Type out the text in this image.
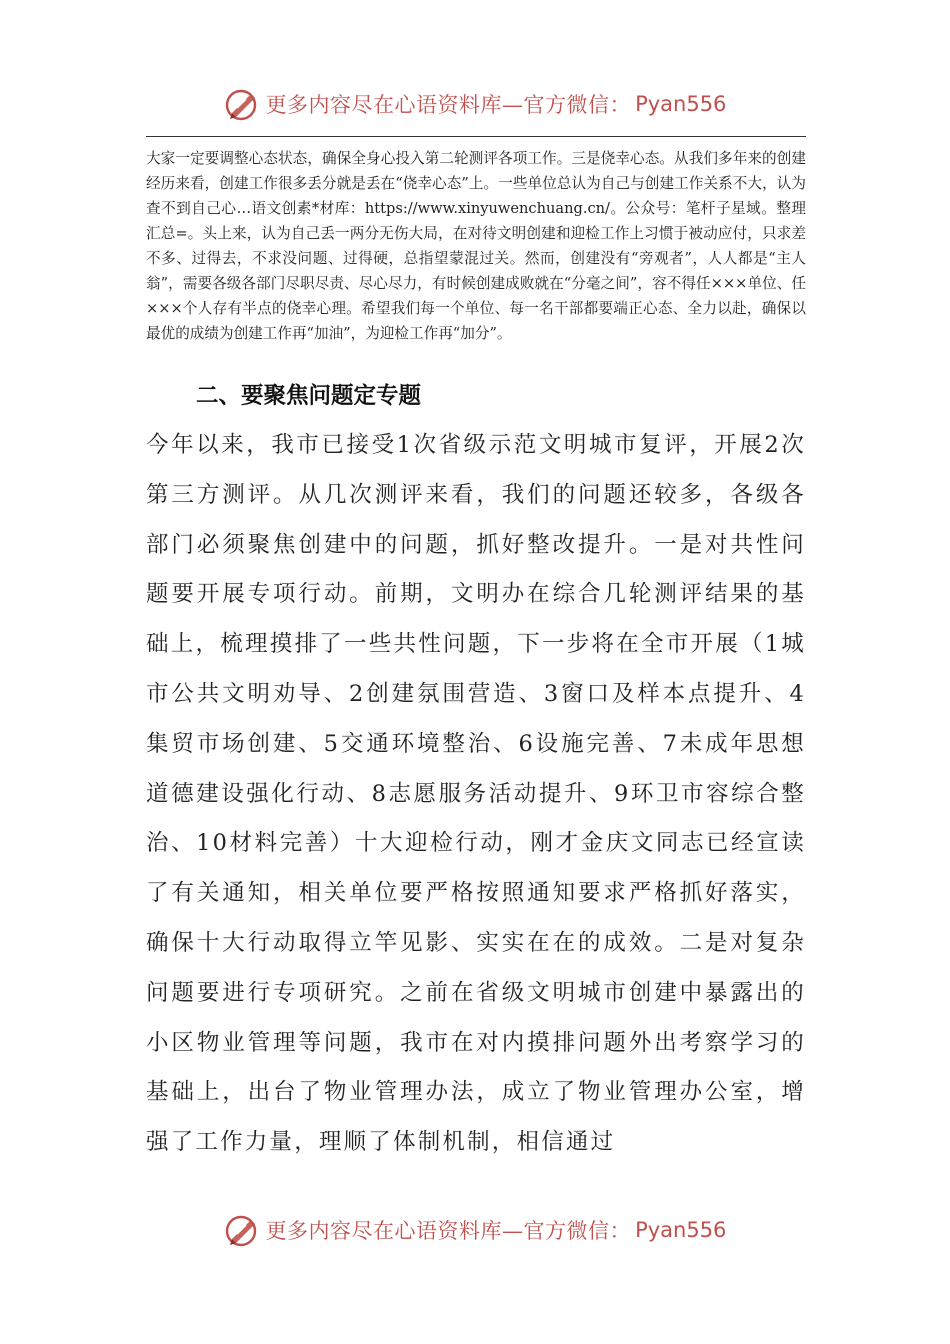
更多内容尽在心语资料库—官方微信： Pyan556
大家一定要调整心态状态，确保全身心投入第二轮测评各项工作。三是侥幸心态。从我们多年来的创建经历来看，创建工作很多丢分就是丢在“侥幸心态”上。一些单位总认为自己与创建工作关系不大，认为查不到自己心…语文创素*材库：https://www.xinyuwenchuang.cn/。公众号：笔杆子星域。整理汇总=。头上来，认为自己丢一两分无伤大局，在对待文明创建和迎检工作上习惯于被动应付，只求差不多、过得去，不求没问题、过得硬，总指望蒙混过关。然而，创建没有“旁观者”，人人都是“主人翁”，需要各级各部门尽职尽责、尽心尽力，有时候创建成败就在“分毫之间”，容不得任×××单位、任×××个人存有半点的侥幸心理。希望我们每一个单位、每一名干部都要端正心态、全力以赴，确保以最优的成绩为创建工作再“加油”，为迎检工作再“加分”。
二、要聚焦问题定专题
今年以来，我市已接受1次省级示范文明城市复评，开展2次第三方测评。从几次测评来看，我们的问题还较多，各级各部门必须聚焦创建中的问题，抓好整改提升。一是对共性问题要开展专项行动。前期，文明办在综合几轮测评结果的基础上，梳理摸排了一些共性问题，下一步将在全市开展（1城市公共文明劝导、2创建氛围营造、3窗口及样本点提升、4集贸市场创建、5交通环境整治、6设施完善、7未成年思想道德建设强化行动、8志愿服务活动提升、9环卫市容综合整治、10材料完善）十大迎检行动，刚才金庆文同志已经宣读了有关通知，相关单位要严格按照通知要求严格抓好落实，确保十大行动取得立竿见影、实实在在的成效。二是对复杂问题要进行专项研究。之前在省级文明城市创建中暴露出的小区物业管理等问题，我市在对内摸排问题外出考察学习的基础上，出台了物业管理办法，成立了物业管理办公室，增强了工作力量，理顺了体制机制，相信通过
更多内容尽在心语资料库—官方微信： Pyan556
